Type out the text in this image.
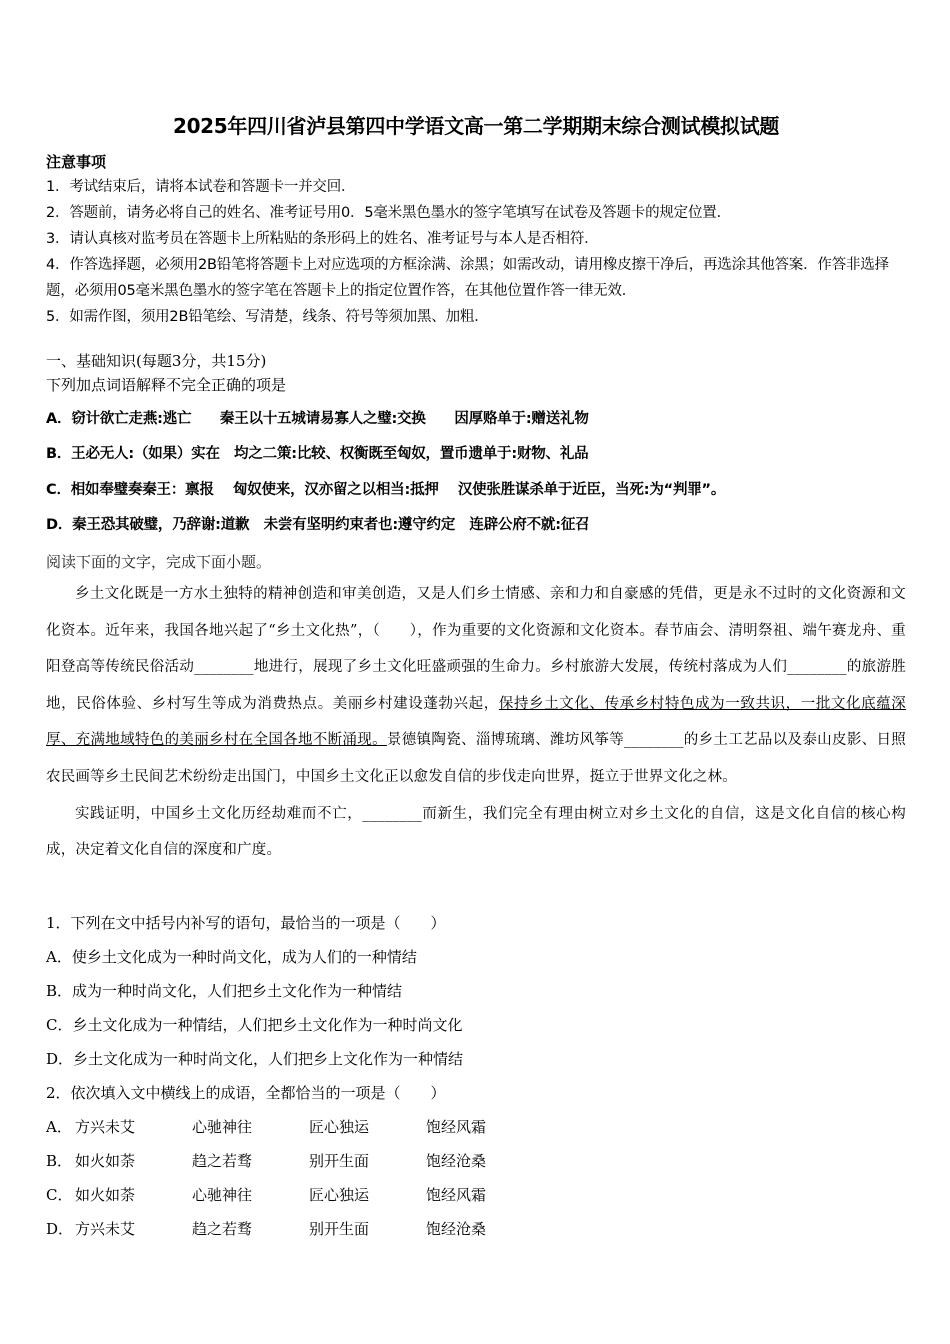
2025年四川省泸县第四中学语文高一第二学期期末综合测试模拟试题
注意事项

1．考试结束后，请将本试卷和答题卡一并交回．

2．答题前，请务必将自己的姓名、准考证号用0．5毫米黑色墨水的签字笔填写在试卷及答题卡的规定位置．

3．请认真核对监考员在答题卡上所粘贴的条形码上的姓名、准考证号与本人是否相符．

4．作答选择题，必须用2B铅笔将答题卡上对应选项的方框涂满、涂黑；如需改动，请用橡皮擦干净后，再选涂其他答案．作答非选择题，必须用05毫米黑色墨水的签字笔在答题卡上的指定位置作答，在其他位置作答一律无效．

5．如需作图，须用2B铅笔绘、写清楚，线条、符号等须加黑、加粗．

一、基础知识(每题3分，共15分)
下列加点词语解释不完全正确的项是
A．窃计欲亡走燕:逃亡　　秦王以十五城请易寡人之璧:交换　　因厚赂单于:赠送礼物
B．王必无人:（如果）实在　均之二策:比较、权衡既至匈奴，置币遗单于:财物、礼品
C．相如奉璧奏秦王：禀报　 匈奴使来，汉亦留之以相当:抵押　 汉使张胜谋杀单于近臣，当死:为“判罪”。
D．秦王恐其破璧，乃辞谢:道歉　未尝有坚明约束者也:遵守约定　连辟公府不就:征召
阅读下面的文字，完成下面小题。

乡土文化既是一方水土独特的精神创造和审美创造，又是人们乡土情感、亲和力和自豪感的凭借，更是永不过时的文化资源和文化资本。近年来，我国各地兴起了“乡土文化热”，（　　），作为重要的文化资源和文化资本。春节庙会、清明祭祖、端午赛龙舟、重阳登高等传统民俗活动________地进行，展现了乡土文化旺盛顽强的生命力。乡村旅游大发展，传统村落成为人们________的旅游胜地，民俗体验、乡村写生等成为消费热点。美丽乡村建设蓬勃兴起，保持乡土文化、传承乡村特色成为一致共识，一批文化底蕴深厚、充满地域特色的美丽乡村在全国各地不断涌现。景德镇陶瓷、淄博琉璃、潍坊风筝等________的乡土工艺品以及泰山皮影、日照农民画等乡土民间艺术纷纷走出国门，中国乡土文化正以愈发自信的步伐走向世界，挺立于世界文化之林。

实践证明，中国乡土文化历经劫难而不亡，________而新生，我们完全有理由树立对乡土文化的自信，这是文化自信的核心构成，决定着文化自信的深度和广度。

1．下列在文中括号内补写的语句，最恰当的一项是（　　）
A．使乡土文化成为一种时尚文化，成为人们的一种情结
B．成为一种时尚文化，人们把乡土文化作为一种情结
C．乡土文化成为一种情结，人们把乡土文化作为一种时尚文化
D．乡土文化成为一种时尚文化，人们把乡上文化作为一种情结
2．依次填入文中横线上的成语，全都恰当的一项是（　　）
A． 方兴未艾	心驰神往	匠心独运	饱经风霜
B． 如火如荼	趋之若骛	别开生面	饱经沧桑
C． 如火如荼	心驰神往	匠心独运	饱经风霜
D． 方兴未艾	趋之若骛	别开生面	饱经沧桑
